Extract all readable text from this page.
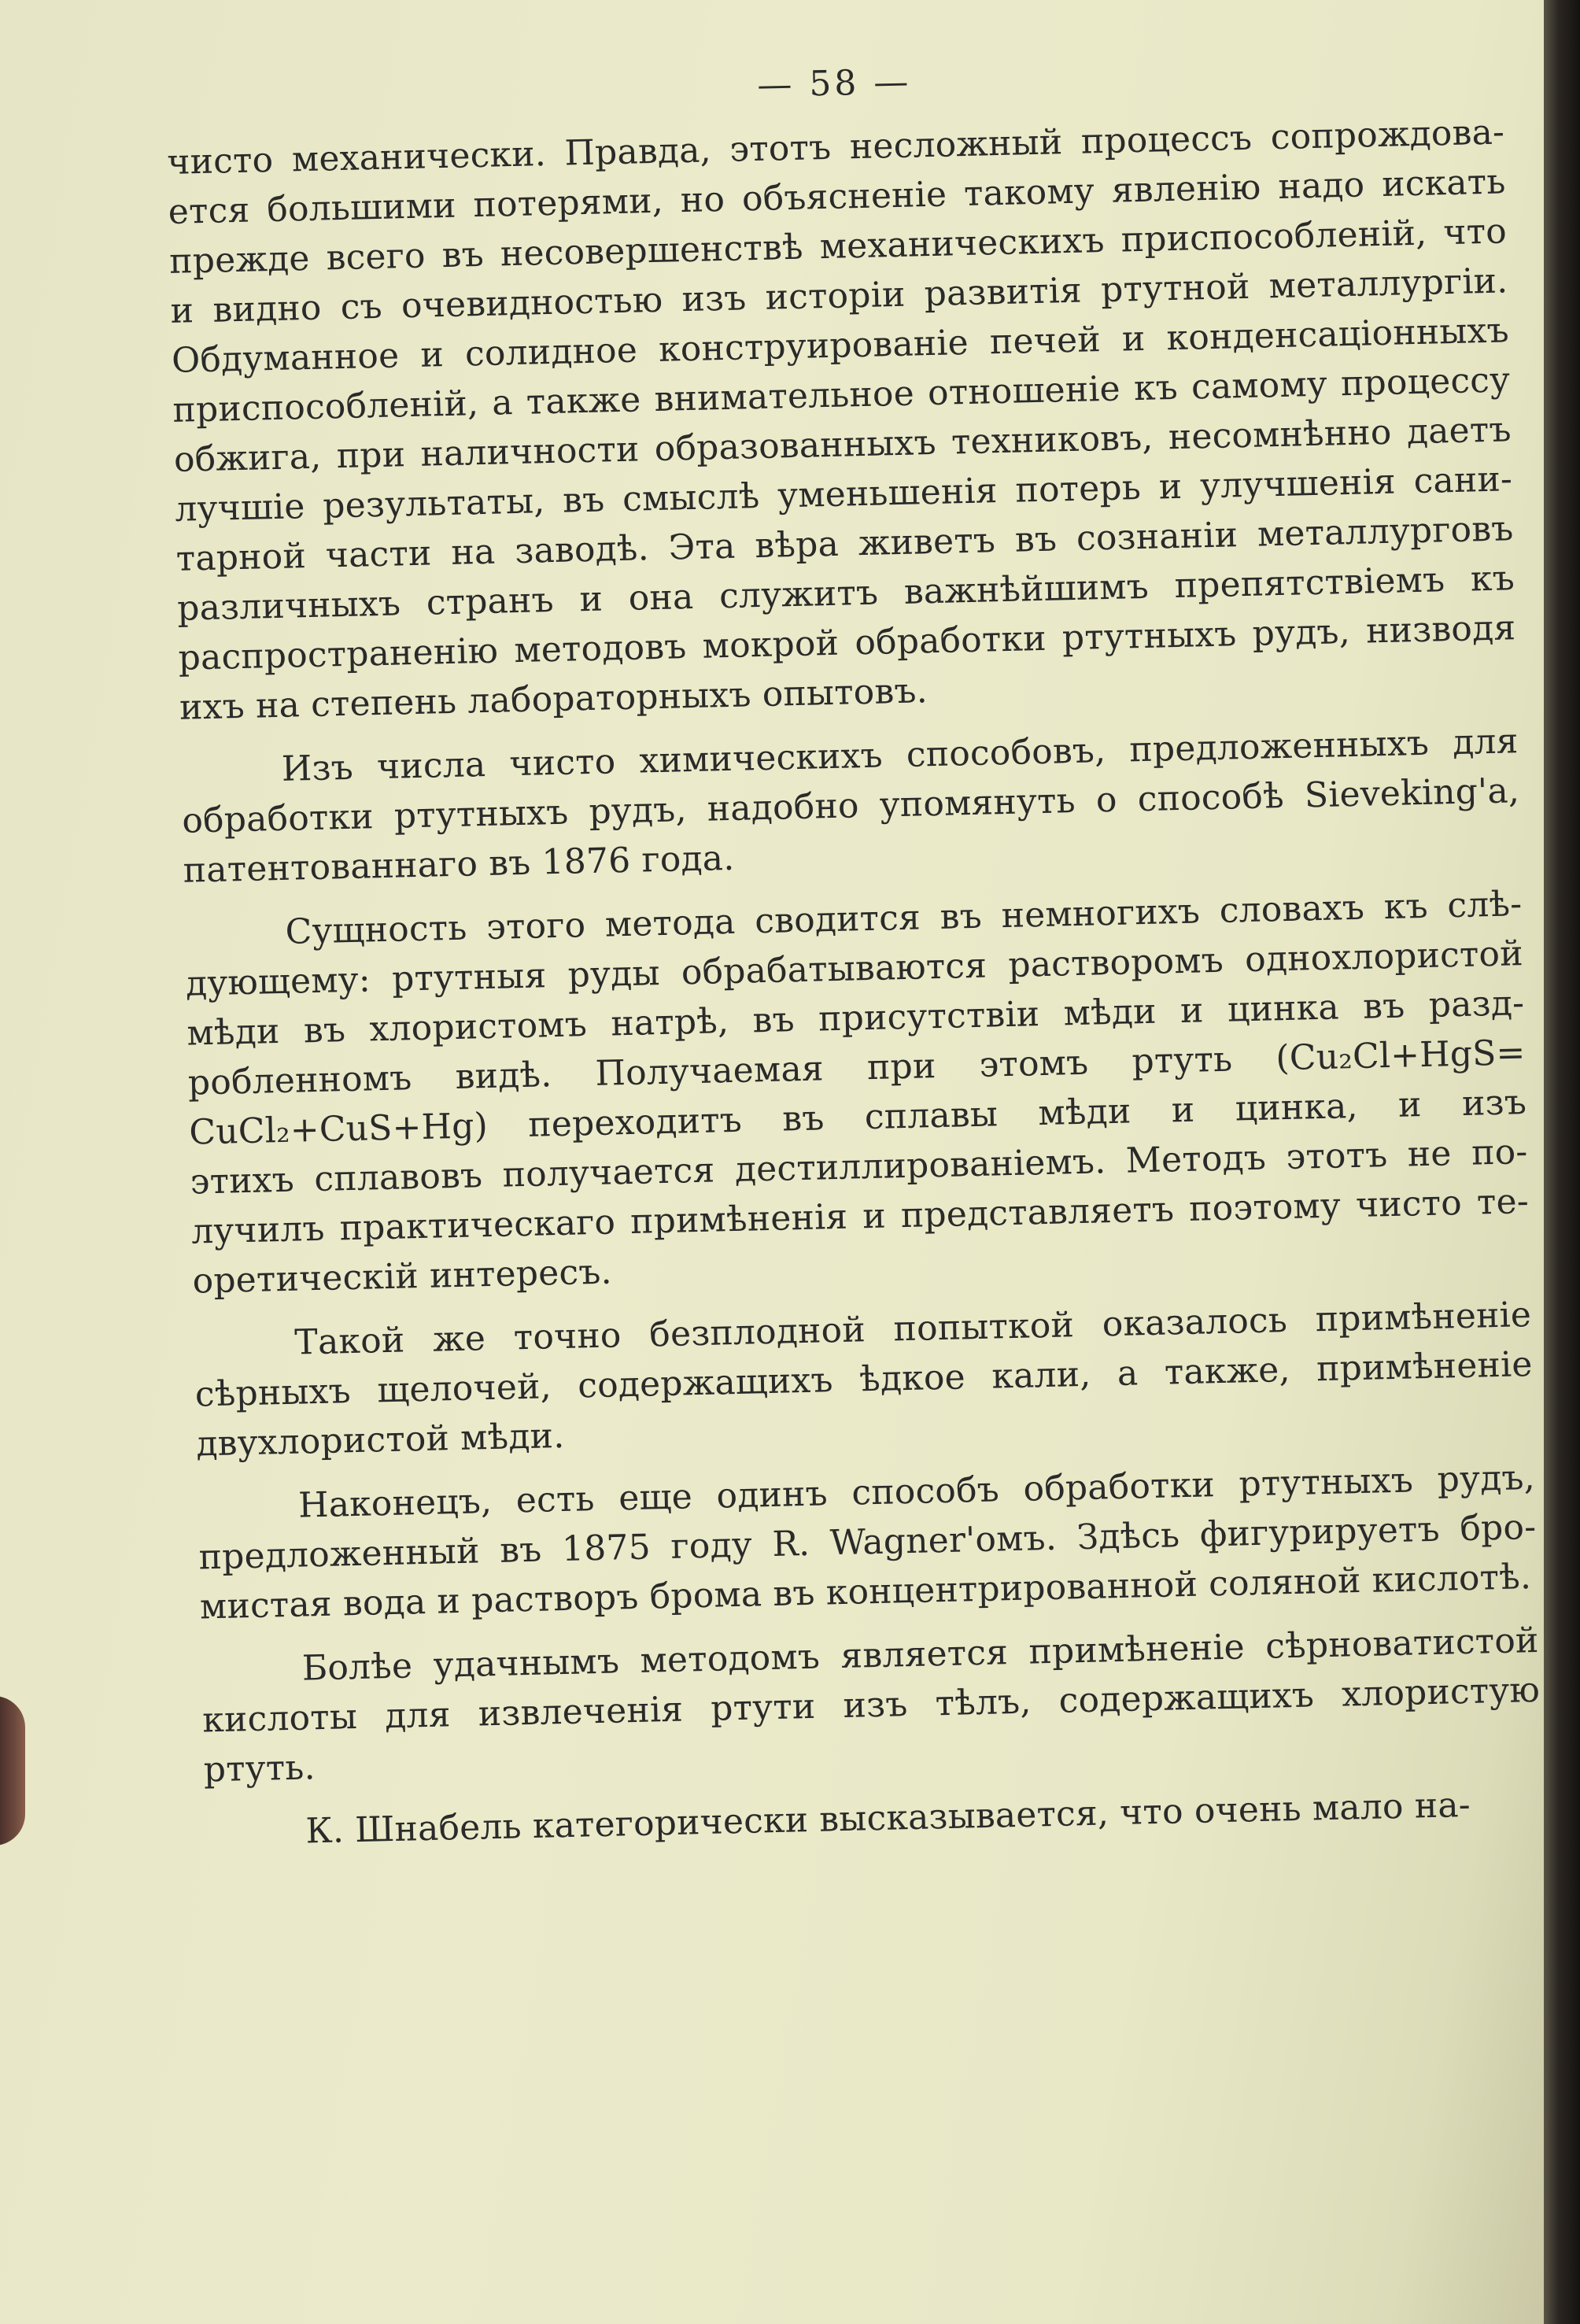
— 58 —
чисто механически. Правда, этотъ несложный процессъ сопрождова-
ется большими потерями, но объясненіе такому явленію надо искать
прежде всего въ несовершенствѣ механическихъ приспособленій, что
и видно съ очевидностью изъ исторіи развитія ртутной металлургіи.
Обдуманное и солидное конструированіе печей и конденсаціонныхъ
приспособленій, а также внимательное отношеніе къ самому процессу
обжига, при наличности образованныхъ техниковъ, несомнѣнно даетъ
лучшіе результаты, въ смыслѣ уменьшенія потерь и улучшенія сани-
тарной части на заводѣ. Эта вѣра живетъ въ сознаніи металлурговъ
различныхъ странъ и она служитъ важнѣйшимъ препятствіемъ къ
распространенію методовъ мокрой обработки ртутныхъ рудъ, низводя
ихъ на степень лабораторныхъ опытовъ.
Изъ числа чисто химическихъ способовъ, предложенныхъ для
обработки ртутныхъ рудъ, надобно упомянуть о способѣ Sieveking'а,
патентованнаго въ 1876 года.
Сущность этого метода сводится въ немногихъ словахъ къ слѣ-
дующему: ртутныя руды обрабатываются растворомъ однохлористой
мѣди въ хлористомъ натрѣ, въ присутствіи мѣди и цинка въ разд-
робленномъ видѣ. Получаемая при этомъ ртуть (Cu₂Cl+HgS=
CuCl₂+CuS+Hg) переходитъ въ сплавы мѣди и цинка, и изъ
этихъ сплавовъ получается дестиллированіемъ. Методъ этотъ не по-
лучилъ практическаго примѣненія и представляетъ поэтому чисто те-
оретическій интересъ.
Такой же точно безплодной попыткой оказалось примѣненіе
сѣрныхъ щелочей, содержащихъ ѣдкое кали, а также, примѣненіе
двухлористой мѣди.
Наконецъ, есть еще одинъ способъ обработки ртутныхъ рудъ,
предложенный въ 1875 году R. Wagner'омъ. Здѣсь фигурируетъ бро-
мистая вода и растворъ брома въ концентрированной соляной кислотѣ.
Болѣе удачнымъ методомъ является примѣненіе сѣрноватистой
кислоты для извлеченія ртути изъ тѣлъ, содержащихъ хлористую
ртуть.
К. Шнабель категорически высказывается, что очень мало на-
